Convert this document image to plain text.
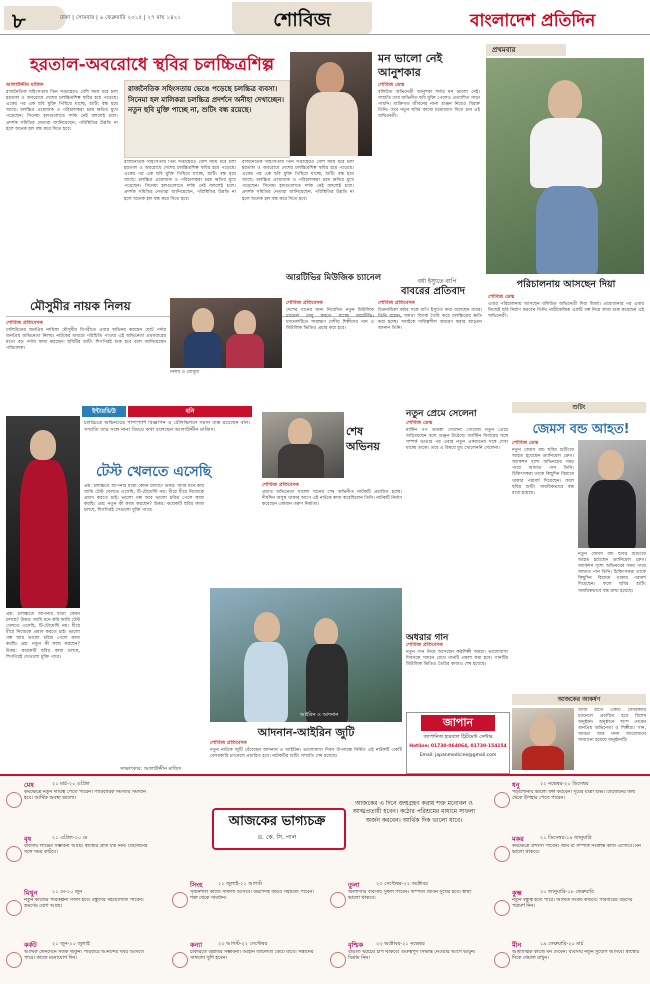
৮	ঢাকা | সোমবার | ৯ ফেব্রুয়ারি ২০১৫ | ২৭ মাঘ ১৪২১	শোবিজ	বাংলাদেশ প্রতিদিন
হরতাল-অবরোধে স্থবির চলচ্চিত্রশিল্প
রাজনৈতিক সহিংসতায় ভেঙে পড়েছে চলচ্চিত্র ব্যবসা। সিনেমা হল মালিকরা চলচ্চিত্র প্রদর্শনে অনীহা দেখাচ্ছেন। নতুন ছবি মুক্তি পাচ্ছে না, শুটিং বন্ধ রয়েছে।
আলাউদ্দীন মাজিদ
রাজনৈতিক সহিংসতায় তিন সপ্তাহেরও বেশি সময় ধরে চলা হরতাল ও অবরোধে দেশের চলচ্চিত্রশিল্প স্থবির হয়ে পড়েছে। একের পর এক ছবি মুক্তি পিছিয়ে যাচ্ছে, শুটিং বন্ধ হয়ে আছে। চলচ্চিত্র প্রযোজক ও পরিচালকরা চরম ক্ষতির মুখে পড়েছেন। সিনেমা হলগুলোতে দর্শক নেই বললেই চলে। প্রদর্শক সমিতির নেতারা জানিয়েছেন, পরিস্থিতির উন্নতি না হলে অনেক হল বন্ধ করে দিতে হবে।
রাজনৈতিক সহিংসতায় তিন সপ্তাহেরও বেশি সময় ধরে চলা হরতাল ও অবরোধে দেশের চলচ্চিত্রশিল্প স্থবির হয়ে পড়েছে। একের পর এক ছবি মুক্তি পিছিয়ে যাচ্ছে, শুটিং বন্ধ হয়ে আছে। চলচ্চিত্র প্রযোজক ও পরিচালকরা চরম ক্ষতির মুখে পড়েছেন। সিনেমা হলগুলোতে দর্শক নেই বললেই চলে। প্রদর্শক সমিতির নেতারা জানিয়েছেন, পরিস্থিতির উন্নতি না হলে অনেক হল বন্ধ করে দিতে হবে।
রাজনৈতিক সহিংসতায় তিন সপ্তাহেরও বেশি সময় ধরে চলা হরতাল ও অবরোধে দেশের চলচ্চিত্রশিল্প স্থবির হয়ে পড়েছে। একের পর এক ছবি মুক্তি পিছিয়ে যাচ্ছে, শুটিং বন্ধ হয়ে আছে। চলচ্চিত্র প্রযোজক ও পরিচালকরা চরম ক্ষতির মুখে পড়েছেন। সিনেমা হলগুলোতে দর্শক নেই বললেই চলে। প্রদর্শক সমিতির নেতারা জানিয়েছেন, পরিস্থিতির উন্নতি না হলে অনেক হল বন্ধ করে দিতে হবে।
মন ভালো নেই আনুশকার
শোবিজ ডেস্ক
বলিউড অভিনেত্রী আনুশকা শর্মার মন ভালো নেই। সম্প্রতি তার অভিনীত ছবি মুক্তি পেলেও প্রত্যাশিত সাড়া পায়নি। ব্যক্তিগত জীবনের নানা গুঞ্জন নিয়েও বিরক্ত তিনি। তবে নতুন ছবির কাজে মনোযোগ দিতে চান এই অভিনেত্রী।
প্রথমবার
মৌসুমীর নায়ক নিলয়
শোবিজ প্রতিবেদক
ঢালিউডের জনপ্রিয় নায়িকা মৌসুমীর বিপরীতে এবার অভিনয় করছেন ছোট পর্দার জনপ্রিয় অভিনেতা নিলয়। নাটকের মাধ্যমে পরিচিতি পাওয়া এই অভিনেতা প্রথমবারের মতো বড় পর্দায় কাজ করছেন। ছবিটির শুটিং শিগগিরই শুরু হবে বলে জানিয়েছেন পরিচালক।
নিলয় ও মৌসুমী
আরটিভির মিউজিক চ্যানেল
শোবিজ প্রতিবেদক
দেশের গানের জন্য নিবেদিত নতুন মিউজিক চ্যানেল চালু করতে যাচ্ছে আরটিভি। চ্যানেলটিতে সারাক্ষণ দেশীয় শিল্পীদের গান ও মিউজিক ভিডিও প্রচার করা হবে।
বর্ষা ইস্যুতে বাপি
বাবরের প্রতিবাদ
শোবিজ প্রতিবেদক
চিত্রনায়িকা বর্ষার সঙ্গে বাপি ইস্যুতে কথা বলেছেন বাবর। তিনি বলেন, অযথা বিতর্ক তৈরি করে চলচ্চিত্রের ক্ষতি করা হচ্ছে। সবাইকে দায়িত্বশীল আচরণ করার আহ্বান জানান তিনি।
পরিচালনায় আসছেন দিয়া
শোবিজ ডেস্ক
এবার পরিচালনায় আসছেন বলিউড অভিনেত্রী দিয়া মির্জা। প্রযোজনার পর এবার নিজেই ছবি নির্মাণ করবেন তিনি। নারীকেন্দ্রিক একটি গল্প নিয়ে কাজ শুরু করেছেন এই অভিনেত্রী।
ইন্টারভিউ	বনি
চলচ্চিত্রে অভিনয়ের পাশাপাশি বিজ্ঞাপন ও টেলিভিশনে সমান ব্যস্ত রয়েছেন বনি। সম্প্রতি তার সঙ্গে নানা বিষয়ে কথা বলেছেন আলাউদ্দীন মাজিদ।
টেস্ট খেলতে এসেছি
প্রশ্ন: চলচ্চিত্রে আপনার যাত্রা কেমন চলছে? উত্তর: আমি মনে করি আমি টেস্ট খেলতে এসেছি, টি-টোয়েন্টি নয়। ধীরে ধীরে নিজেকে প্রমাণ করতে চাই। ভালো গল্প আর ভালো চরিত্র পেলে কাজ করছি। প্রশ্ন: নতুন কী কাজ করছেন? উত্তর: কয়েকটি ছবির কাজ চলছে, শিগগিরই সেগুলো মুক্তি পাবে।
প্রশ্ন: চলচ্চিত্রে আপনার যাত্রা কেমন চলছে? উত্তর: আমি মনে করি আমি টেস্ট খেলতে এসেছি, টি-টোয়েন্টি নয়। ধীরে ধীরে নিজেকে প্রমাণ করতে চাই। ভালো গল্প আর ভালো চরিত্র পেলে কাজ করছি। প্রশ্ন: নতুন কী কাজ করছেন? উত্তর: কয়েকটি ছবির কাজ চলছে, শিগগিরই সেগুলো মুক্তি পাবে।
সাক্ষাৎকার: আলাউদ্দীন মাজিদ
শেষ অভিনয়
শোবিজ প্রতিবেদক
প্রয়াত অভিনেতা খালেদ খানের শেষ অভিনীত নাটকটি প্রচারিত হচ্ছে। দীর্ঘদিন অসুস্থ থাকার আগে এই নাটকে কাজ করেছিলেন তিনি। নাটকটি নির্মাণ করেছেন একজন তরুণ নির্মাতা।
আইরিন ও আদনান
আদনান-আইরিন জুটি
শোবিজ প্রতিবেদক
নতুন নাটকে জুটি বেঁধেছেন আদনান ও আইরিন। ভালোবাসা দিবস উপলক্ষে নির্মিত এই নাটকটি একটি বেসরকারি চ্যানেলে প্রচারিত হবে। নাটকটির শুটিং সম্প্রতি শেষ হয়েছে।
নতুন প্রেমে সেলেনা
শোবিজ ডেস্ক
মার্কিন পপ তারকা সেলেনা গোমেজ নতুন প্রেমে জড়িয়েছেন বলে গুঞ্জন উঠেছে। জাস্টিন বিবারের সঙ্গে সম্পর্ক ভাঙার পর এবার নতুন একজনের সঙ্গে দেখা যাচ্ছে তাকে। তবে এ বিষয়ে মুখ খোলেননি সেলেনা।
অধরার গান
শোবিজ প্রতিবেদক
নতুন গান নিয়ে আসছেন কণ্ঠশিল্পী অধরা। ভালোবাসা দিবসকে সামনে রেখে গানটি প্রকাশ করা হবে। গানটির মিউজিক ভিডিও তৈরির কাজও শেষ হয়েছে।
জাপান
জাপানিজ হারবাল ট্রিটমেন্ট সেন্টার
Hotline: 01730-064064, 01730-154154
Email: japanmedicine@gmail.com
শুটিং
জেমস বন্ড আহত!
শোবিজ ডেস্ক
নতুন জেমস বন্ড ছবির শুটিংয়ে আহত হয়েছেন ড্যানিয়েল ক্রেগ। অ্যাকশন দৃশ্যে অভিনয়ের সময় পায়ে আঘাত পান তিনি। চিকিৎসকরা তাকে কিছুদিন বিশ্রামে থাকার পরামর্শ দিয়েছেন। ফলে ছবির শুটিং সাময়িকভাবে বন্ধ রাখা হয়েছে।
নতুন জেমস বন্ড ছবির শুটিংয়ে আহত হয়েছেন ড্যানিয়েল ক্রেগ। অ্যাকশন দৃশ্যে অভিনয়ের সময় পায়ে আঘাত পান তিনি। চিকিৎসকরা তাকে কিছুদিন বিশ্রামে থাকার পরামর্শ দিয়েছেন। ফলে ছবির শুটিং সাময়িকভাবে বন্ধ রাখা হয়েছে।
আজকের আকর্ষণ
আজ রাতে একটি বেসরকারি চ্যানেলে প্রচারিত হবে বিশেষ অনুষ্ঠান। অনুষ্ঠানে অংশ নেবেন জনপ্রিয় অভিনেতা ও শিল্পীরা। গান, আড্ডা আর নানা আয়োজনে সাজানো হয়েছে অনুষ্ঠানটি।
আজকের ভাগ্যচক্র
ড. কে. সি. পাল
আজকের এ দিনে জন্মগ্রহণ করায় শক্ত মনোবল ও আত্মপ্রত্যয়ী হবেন। কঠোর পরিশ্রমের মাধ্যমে সাফল্য অর্জন করবেন। আর্থিক দিক ভালো যাবে।
মেষ	২১ মার্চ-২০ এপ্রিল
কর্মক্ষেত্রে নতুন দায়িত্ব পেতে পারেন। পারিবারিক সমস্যার সমাধান হবে। আর্থিক অবস্থা ভালো।
বৃষ	২১ এপ্রিল-২০ মে
ব্যবসায় লাভের সম্ভাবনা আছে। স্বাস্থ্যের প্রতি যত্ন নিন। প্রিয়জনের সঙ্গে সময় কাটবে।
মিথুন	২১ মে-২০ জুন
নতুন কাজের পরিকল্পনা সফল হবে। বন্ধুদের সহযোগিতা পাবেন। ভ্রমণের যোগ আছে।
কর্কট	২১ জুন-২০ জুলাই
আর্থিক লেনদেনে সতর্ক থাকুন। পরিবারে আনন্দের খবর আসতে পারে। কাজে মনোযোগ দিন।
সিংহ	২১ জুলাই-২১ আগস্ট
সৃজনশীল কাজে সাফল্য আসবে। উচ্চপদস্থ কারও সহায়তা পাবেন। শত্রু থেকে সাবধান।
কন্যা	২২ আগস্ট-২২ সেপ্টেম্বর
চাকরিতে উন্নতির সম্ভাবনা। আইনি জটিলতা কেটে যাবে। সন্তানের সাফল্যে খুশি হবেন।
তুলা	২৩ সেপ্টেম্বর-২২ অক্টোবর
অংশীদারি ব্যবসায় সুফল পাবেন। দাম্পত্য জীবন সুখের হবে। স্বাস্থ্য ভালো থাকবে।
বৃশ্চিক	২৩ অক্টোবর-২১ নভেম্বর
বাড়তি খরচের চাপ থাকবে। গুরুত্বপূর্ণ সিদ্ধান্ত নেওয়ার আগে ভাবুন। বিশ্রাম নিন।
ধনু	২২ নভেম্বর-২০ ডিসেম্বর
পড়াশোনায় ভালো ফল করবেন। দূরের যাত্রা শুভ। প্রিয়জনের কাছ থেকে উপহার পেতে পারেন।
মকর	২১ ডিসেম্বর-১৯ জানুয়ারি
কর্মক্ষেত্রে প্রশংসা পাবেন। জমি বা সম্পত্তি সংক্রান্ত কাজ এগোবে। মন ভালো থাকবে।
কুম্ভ	২০ জানুয়ারি-১৮ ফেব্রুয়ারি
নতুন বন্ধুত্ব হতে পারে। আর্থিক সংকট কাটবে। পরিবারের বড়দের পরামর্শ নিন।
মীন	১৯ ফেব্রুয়ারি-২০ মার্চ
আধ্যাত্মিক কাজে মন দেবেন। ব্যবসায় নতুন সুযোগ আসবে। স্বাস্থ্যের দিকে খেয়াল রাখুন।
